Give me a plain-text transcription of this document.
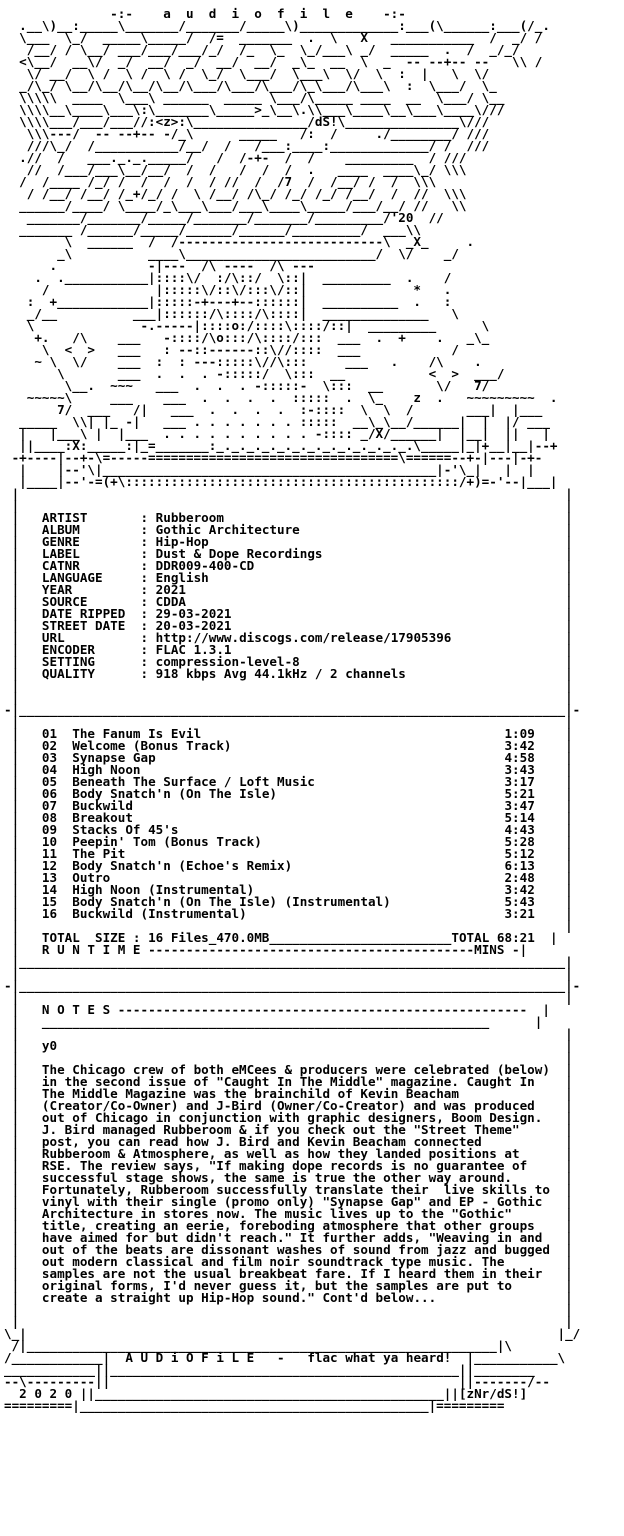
-:-    a  u  d  i  o  f  i  l  e    -:-
.__\)__:_____\_______/_______/_____\)_____________:___(\______:___(/_.
\___  \_/  _____\_____/  /=  _______  .  \   X   ___________  /  _/ /
/__/ / \__/ ___/___/___/_/  /_  \_  \_/___\ _/  _____  .  /  _/_/
<\__/  __\/  _/  __/  _/  __/  __/  _\_  __  \  _  -- --+-- --   \\ /
\/ __/  \ /  \ /  \ /  \_/  \___/  \___\  \/  \  :  |   \  \/
_/\_/ \__/\__/\__/\__/\___/\___/\___/\_\___/\___\  :  \___/  \_
\\\\\  ____  \___\ ______  _____ \___/\_____ ____  __  \___/ \__
\\\\__\____\___\:\_______\_____>_\__\.\\___\____\__\___\____\///
\\\\___/___/___//:<z>:\_______________/dS!\_______________\///
\\\---/  -- --+-- -/_\      _____   /:  /     ./________/ ///
///\_/  /___________/__/  /   /___:____:_____________/ /  ///
.//  /   ___._._._____/   /  /-+-  /  /    _________  / ///
//  /___/___\__/__/  /  /   /  /  /  .   ____  ____\_/ \\\
/  /____ /_/ /  /  /  /  / //  /  /7  /  /__/ /  /  \\\
/ /__/ /__/ /_+/_/ /  \ /__/ /\_/ /_/ /_/ /__/  /  //  \\\
______/____/ \____/_\___\___/___\____\_____/___/__/ //   \\
_______/_______/_____/_______/_______/_________/'20  //
_______ /______/_____/______/______/_________/  ___\\
\  ______  /  /---------------------------\  _X_     .
_\          ____\_________________________/  \/    _/
.            -|---  /\ ----  /\ ---
.  .___________|::::\/  :/\::/  \::|  _________  .    /
/              |:::::\/::\/:::\/::|              *   .
:  +____________|:::::-+---+--::::::|  __________  .   :
_/__          ___|::::::/\::::/\::::|  ______________   \
\              -.-----|::::o:/::::\::::/::|  _________      \
+.   /\    ___   -::::/\o:::/\::::/:::  ___  .  +    .   _\_
\  <  >   ___   : --::------::\//::::  ___            /
~ \  \/    ___  :  : ---:::::\//\:::     ___   .    /\    .
\       ___  .  .  . -:::::/  \:::  __           <  >  ___/
\__.  ~~~   ___  .  .  . -:::::-  \:::  __       \/   7/
~~~~~\     ___    ___  .  .  .  .  :::::  .  \_    z  .   ~~~~~~~~~  .
7/  ___   /|   ___  .  .  .  .  :-::::  \  \  /       ___|  |___
_____  \\| |_ -|   ___ . . . . . . . :::::  __\_\__/______|  |  |/ ___
|   |___\ |  |___  . . . . . . . . . . -:::: _/X/______|  |__|  ||   |
||____:X:_____:|_=_______:_._._._._._._._._._._._._.\_____|_|+__|__|--+
-+----|--+-\=-----=================================\======--+-|---|-+-
|    |--'\|____________________________________________|-'\_|   |  |
|____|--'-=(+\::::::::::::::::::::::::::::::::::::::::::::/+)=-'--|___|
|                                                                        |
|                                                                        |
|   ARTIST       : Rubberoom	|
|   ALBUM        : Gothic Architecture	|
|   GENRE        : Hip-Hop	|
|   LABEL        : Dust & Dope Recordings	|
|   CATNR        : DDR009-400-CD	|
|   LANGUAGE     : English	|
|   YEAR         : 2021	|
|   SOURCE       : CDDA	|
|   DATE RIPPED  : 29-03-2021	|
|   STREET DATE  : 20-03-2021	|
|   URL          : http://www.discogs.com/release/17905396	|
|   ENCODER      : FLAC 1.3.1	|
|   SETTING      : compression-level-8	|
|   QUALITY      : 918 kbps Avg 44.1kHz / 2 channels	|
|                                                                        |
|                                                                        |
-|________________________________________________________________________|-
|                                                                        |
|   01 The Fanum Is Evil	1:09    |
|   02 Welcome (Bonus Track)	3:42    |
|   03 Synapse Gap	4:58    |
|   04 High Noon	3:43    |
|   05 Beneath The Surface / Loft Music	3:17    |
|   06 Body Snatch'n (On The Isle)	5:21    |
|   07 Buckwild	3:47    |
|   08 Breakout	5:14    |
|   09 Stacks Of 45's	4:43    |
|   10 Peepin' Tom (Bonus Track)	5:28    |
|   11 The Pit	5:12    |
|   12 Body Snatch'n (Echoe's Remix)	6:13    |
|   13 Outro	2:48    |
|   14 High Noon (Instrumental)	3:42    |
|   15 Body Snatch'n (On The Isle) (Instrumental)	5:43    |
|   16 Buckwild (Instrumental)	3:21    |
|                                                                        |
|   TOTAL  SIZE : 16 Files_470.0MB________________________TOTAL 68:21  |
|   R U N T I M E -------------------------------------------MINS -|
|________________________________________________________________________|
|                                                                        |
-|________________________________________________________________________|-
|                                                                        |
|   N O T E S ------------------------------------------------------  |
|   ___________________________________________________________      |
|                                                                        |
|   y0	|
|                                                                        |
|   The Chicago crew of both eMCees & producers were celebrated (below)  |
|   in the second issue of "Caught In The Middle" magazine. Caught In    |
|   The Middle Magazine was the brainchild of Kevin Beacham	|
|   (Creator/Co-Owner) and J-Bird (Owner/Co-Creator) and was produced    |
|   out of Chicago in conjunction with graphic designers, Boom Design.   |
|   J. Bird managed Rubberoom & if you check out the "Street Theme"	|
|   post, you can read how J. Bird and Kevin Beacham connected	|
|   Rubberoom & Atmosphere, as well as how they landed positions at	|
|   RSE. The review says, "If making dope records is no guarantee of	|
|   successful stage shows, the same is true the other way around.	|
|   Fortunately, Rubberoom successfully translate their  live skills to  |
|   vinyl with their single (promo only) "Synapse Gap" and EP - Gothic   |
|   Architecture in stores now. The music lives up to the "Gothic"	|
|   title, creating an eerie, foreboding atmosphere that other groups    |
|   have aimed for but didn't reach." It further adds, "Weaving in and   |
|   out of the beats are dissonant washes of sound from jazz and bugged  |
|   out modern classical and film noir soundtrack type music. The	|
|   samples are not the usual breakbeat fare. If I heard them in their   |
|   original forms, I'd never guess it, but the samples are put to	|
|   create a straight up Hip-Hop sound." Cont'd below...	|
|                                                                        |
|                                                                        |
\_|                                                                      |_/
/|______________________________________________________________|\
/____________|  A U D i O F i L E   -   flac what ya heard!  |___________\
____________||______________________________________________||________
--\---------||                                              ||-------/--
2 0 2 0 ||______________________________________________||[zNr/dS!]
=========|______________________________________________|=========
